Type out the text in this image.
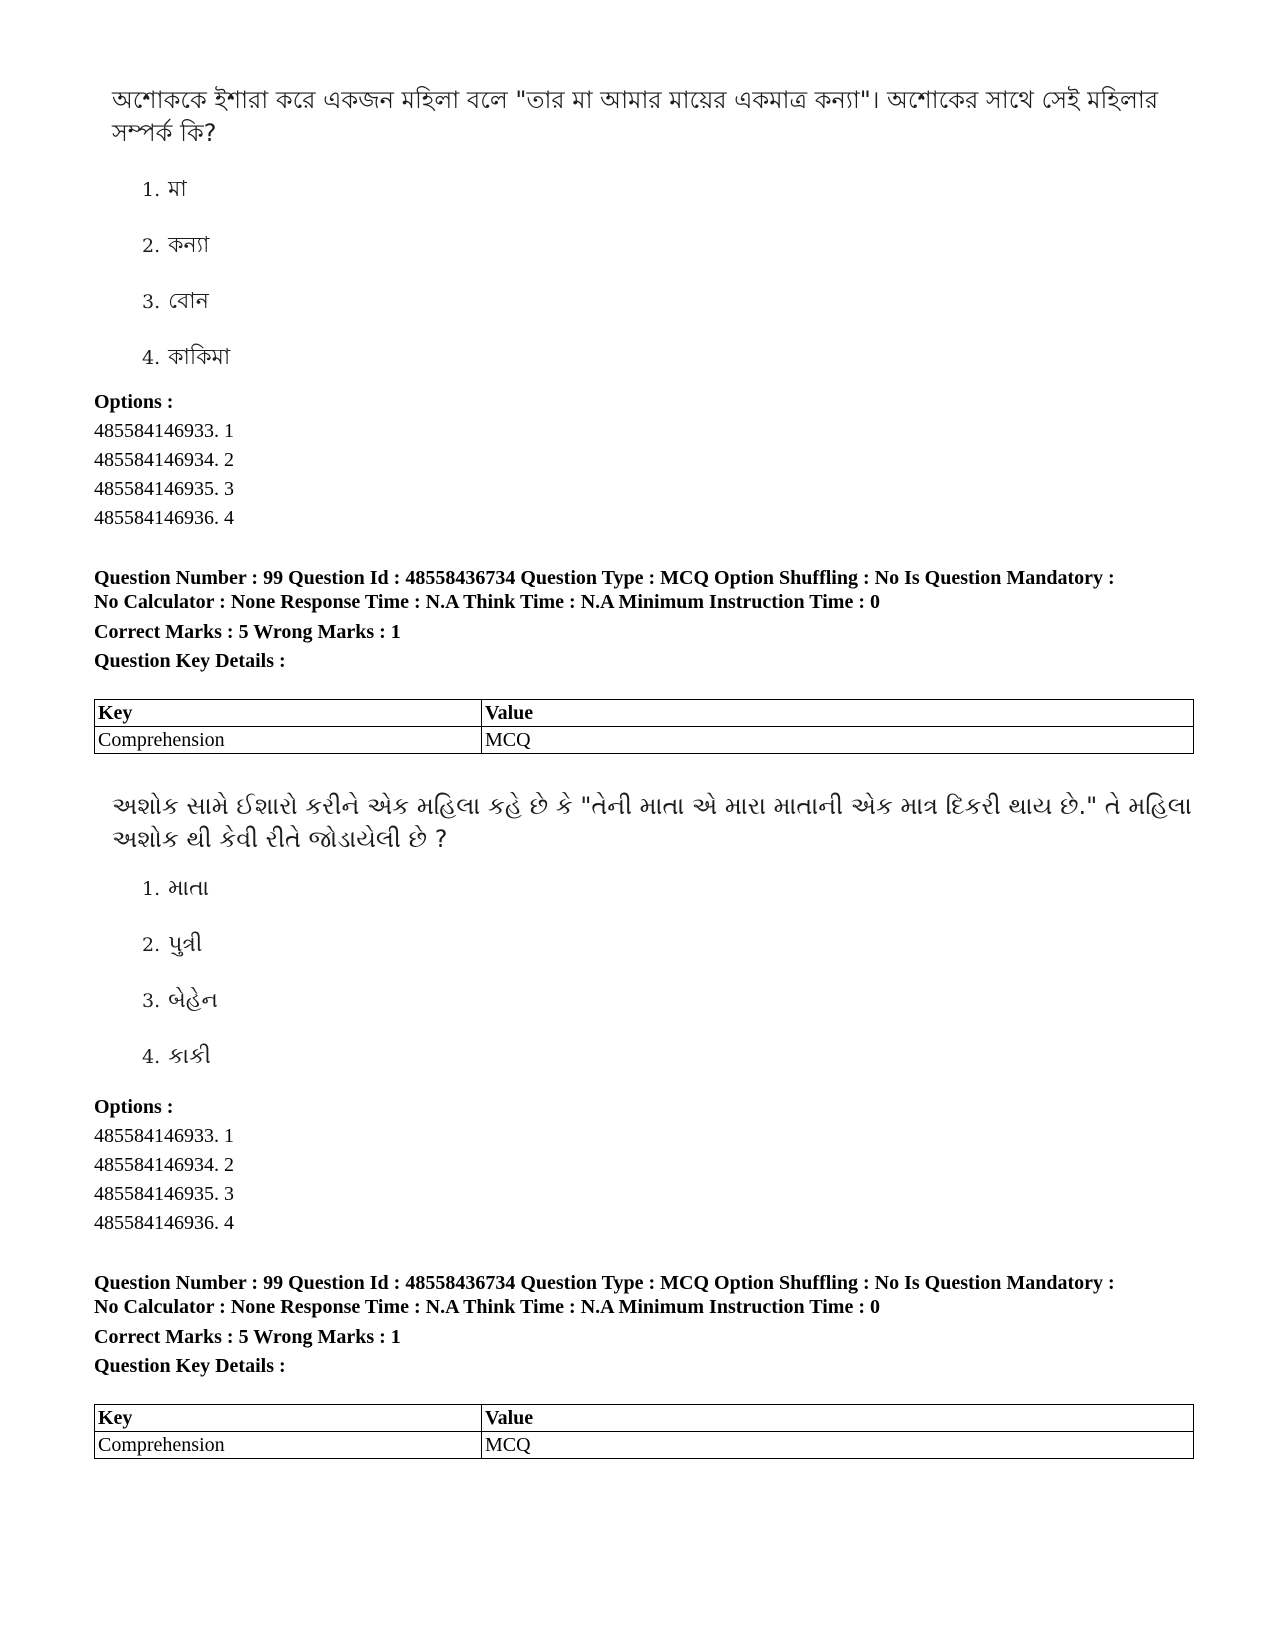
অশোককে ইশারা করে একজন মহিলা বলে "তার মা আমার মায়ের একমাত্র কন্যা"। অশোকের সাথে সেই মহিলার সম্পর্ক কি?

1. মা
2. কন্যা
3. বোন
4. কাকিমা
Options :
485584146933. 1
485584146934. 2
485584146935. 3
485584146936. 4
Question Number : 99 Question Id : 48558436734 Question Type : MCQ Option Shuffling : No Is Question Mandatory :
No Calculator : None Response Time : N.A Think Time : N.A Minimum Instruction Time : 0
Correct Marks : 5 Wrong Marks : 1
Question Key Details :
Key	Value
Comprehension	MCQ

અશોક સામે ઈશારો કરીને એક મહિલા કહે છે કે "તેની માતા એ મારા માતાની એક માત્ર દિકરી થાય છે." તે મહિલા અશોક થી કેવી રીતે જોડાયેલી છે ?

1. માતા
2. પુત્રી
3. બેહેન
4. કાકી
Options :
485584146933. 1
485584146934. 2
485584146935. 3
485584146936. 4
Question Number : 99 Question Id : 48558436734 Question Type : MCQ Option Shuffling : No Is Question Mandatory :
No Calculator : None Response Time : N.A Think Time : N.A Minimum Instruction Time : 0
Correct Marks : 5 Wrong Marks : 1
Question Key Details :
Key	Value
Comprehension	MCQ
